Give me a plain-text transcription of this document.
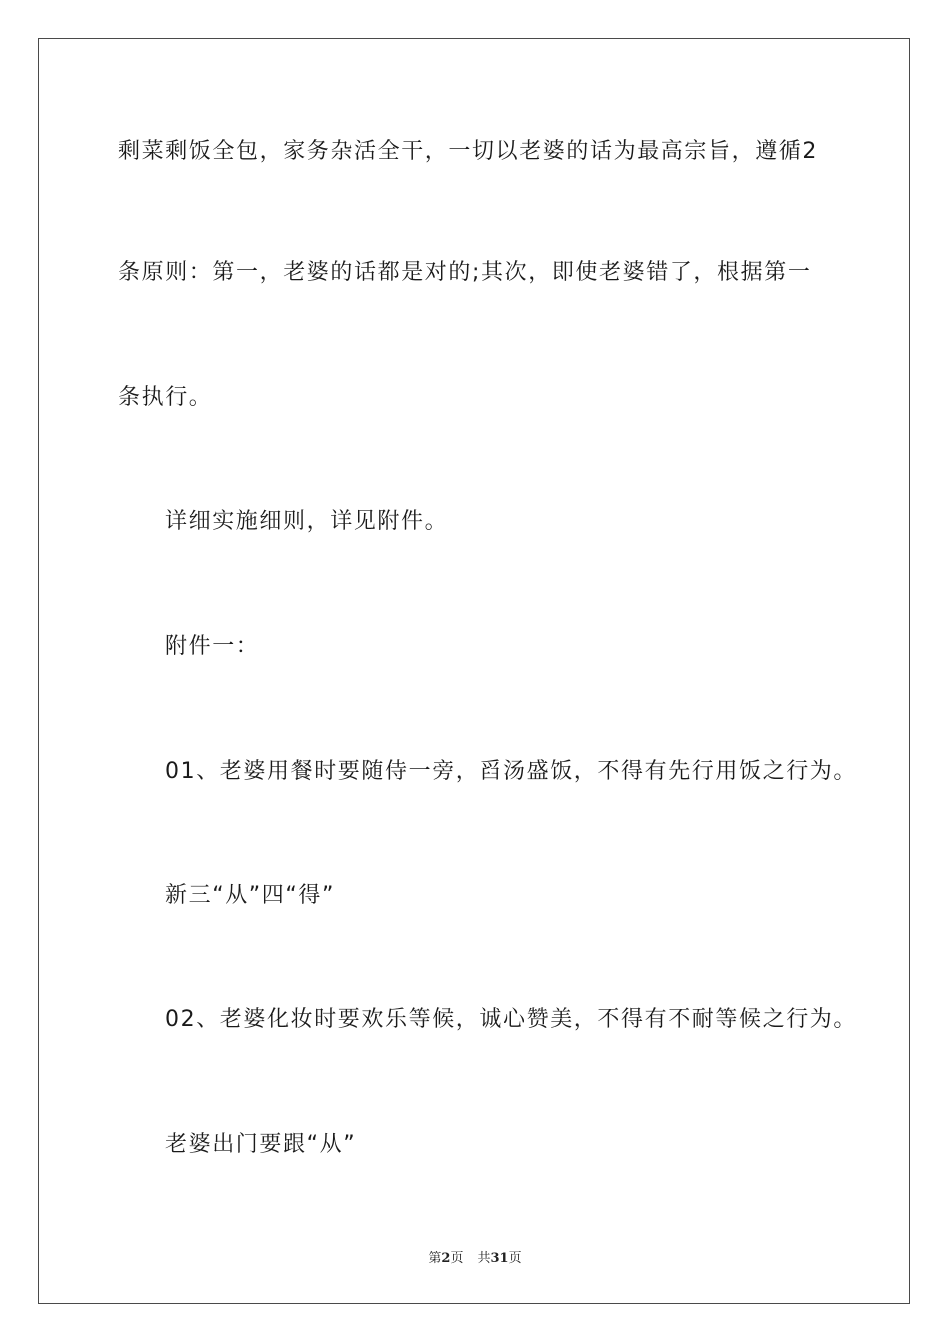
剩菜剩饭全包，家务杂活全干，一切以老婆的话为最高宗旨，遵循2
条原则：第一，老婆的话都是对的;其次，即使老婆错了，根据第一
条执行。
详细实施细则，详见附件。
附件一：
01、老婆用餐时要随侍一旁，舀汤盛饭，不得有先行用饭之行为。
新三“从”四“得”
02、老婆化妆时要欢乐等候，诚心赞美，不得有不耐等候之行为。
老婆出门要跟“从”
第2页 共31页
